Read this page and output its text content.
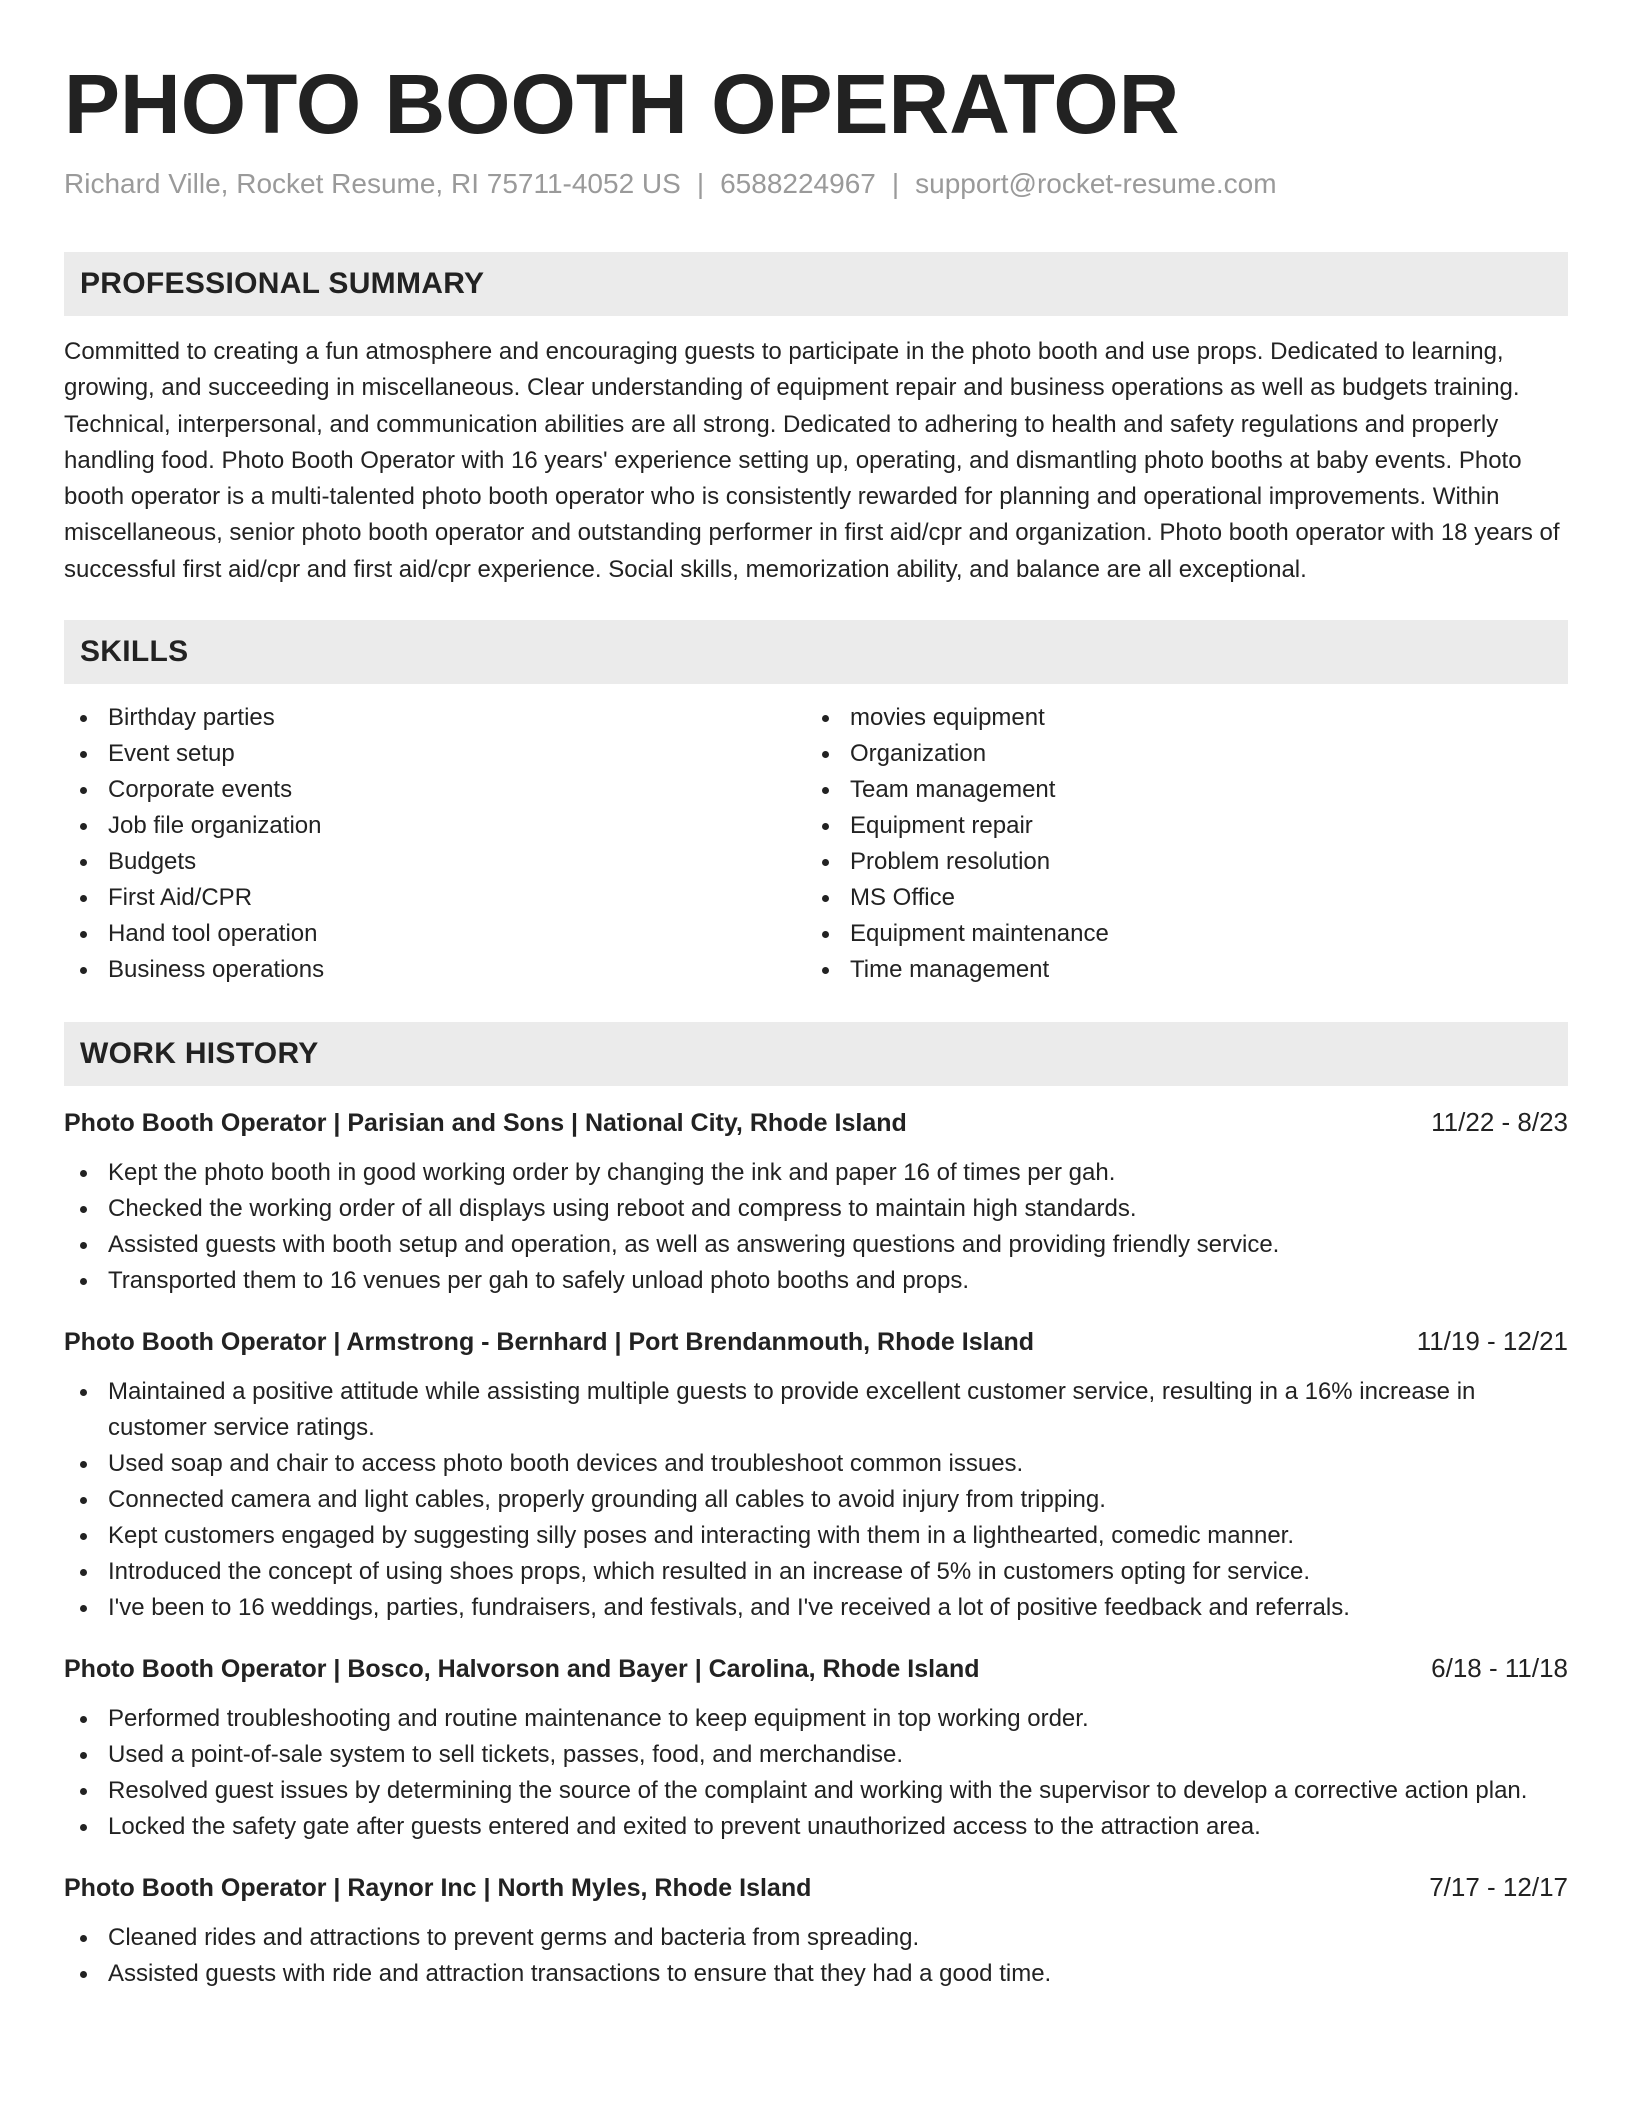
PHOTO BOOTH OPERATOR
Richard Ville, Rocket Resume, RI 75711-4052 US | 6588224967 | support@rocket-resume.com
PROFESSIONAL SUMMARY

Committed to creating a fun atmosphere and encouraging guests to participate in the photo booth and use props. Dedicated to learning, growing, and succeeding in miscellaneous. Clear understanding of equipment repair and business operations as well as budgets training. Technical, interpersonal, and communication abilities are all strong. Dedicated to adhering to health and safety regulations and properly handling food. Photo Booth Operator with 16 years' experience setting up, operating, and dismantling photo booths at baby events. Photo booth operator is a multi-talented photo booth operator who is consistently rewarded for planning and operational improvements. Within miscellaneous, senior photo booth operator and outstanding performer in first aid/cpr and organization. Photo booth operator with 18 years of successful first aid/cpr and first aid/cpr experience. Social skills, memorization ability, and balance are all exceptional.

SKILLS
Birthday parties
Event setup
Corporate events
Job file organization
Budgets
First Aid/CPR
Hand tool operation
Business operations
movies equipment
Organization
Team management
Equipment repair
Problem resolution
MS Office
Equipment maintenance
Time management
WORK HISTORY
Photo Booth Operator | Parisian and Sons | National City, Rhode Island	11/22 - 8/23
Kept the photo booth in good working order by changing the ink and paper 16 of times per gah.
Checked the working order of all displays using reboot and compress to maintain high standards.
Assisted guests with booth setup and operation, as well as answering questions and providing friendly service.
Transported them to 16 venues per gah to safely unload photo booths and props.
Photo Booth Operator | Armstrong - Bernhard | Port Brendanmouth, Rhode Island	11/19 - 12/21
Maintained a positive attitude while assisting multiple guests to provide excellent customer service, resulting in a 16% increase in customer service ratings.
Used soap and chair to access photo booth devices and troubleshoot common issues.
Connected camera and light cables, properly grounding all cables to avoid injury from tripping.
Kept customers engaged by suggesting silly poses and interacting with them in a lighthearted, comedic manner.
Introduced the concept of using shoes props, which resulted in an increase of 5% in customers opting for service.
I've been to 16 weddings, parties, fundraisers, and festivals, and I've received a lot of positive feedback and referrals.
Photo Booth Operator | Bosco, Halvorson and Bayer | Carolina, Rhode Island	6/18 - 11/18
Performed troubleshooting and routine maintenance to keep equipment in top working order.
Used a point-of-sale system to sell tickets, passes, food, and merchandise.
Resolved guest issues by determining the source of the complaint and working with the supervisor to develop a corrective action plan.
Locked the safety gate after guests entered and exited to prevent unauthorized access to the attraction area.
Photo Booth Operator | Raynor Inc | North Myles, Rhode Island	7/17 - 12/17
Cleaned rides and attractions to prevent germs and bacteria from spreading.
Assisted guests with ride and attraction transactions to ensure that they had a good time.
